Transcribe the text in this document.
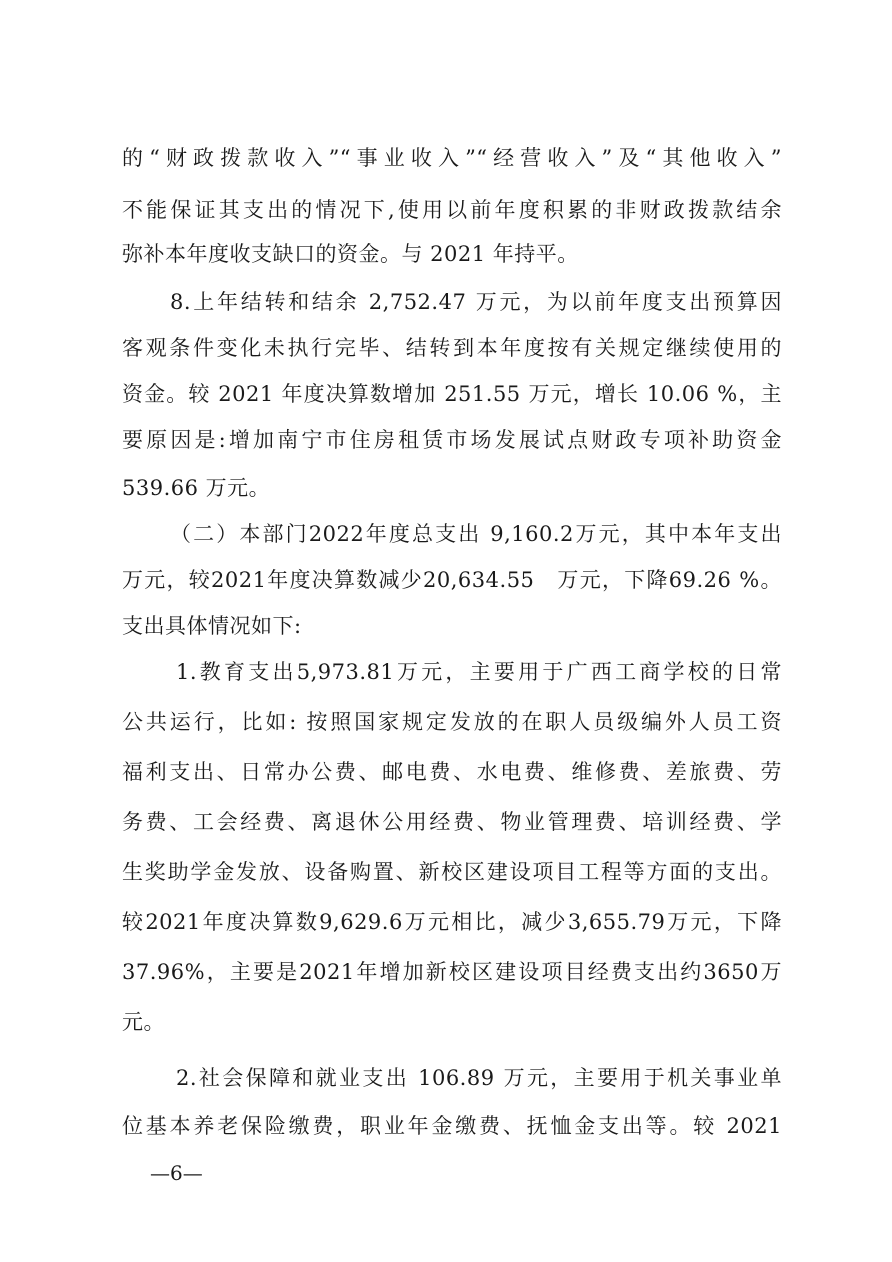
的“财政拨款收入”“事业收入”“经营收入”及“其他收入”
不能保证其支出的情况下,使用以前年度积累的非财政拨款结余
弥补本年度收支缺口的资金。与 2021 年持平。
8.上年结转和结余 2,752.47 万元，为以前年度支出预算因
客观条件变化未执行完毕、结转到本年度按有关规定继续使用的
资金。较 2021 年度决算数增加 251.55 万元，增长 10.06 %，主
要原因是:增加南宁市住房租赁市场发展试点财政专项补助资金
539.66 万元。
（二）本部门2022年度总支出 9,160.2万元，其中本年支出
万元，较2021年度决算数减少20,634.55　万元，下降69.26 %。
支出具体情况如下:
1.教育支出5,973.81万元，主要用于广西工商学校的日常
公共运行，比如: 按照国家规定发放的在职人员级编外人员工资
福利支出、日常办公费、邮电费、水电费、维修费、差旅费、劳
务费、工会经费、离退休公用经费、物业管理费、培训经费、学
生奖助学金发放、设备购置、新校区建设项目工程等方面的支出。
较2021年度决算数9,629.6万元相比，减少3,655.79万元，下降
37.96%，主要是2021年增加新校区建设项目经费支出约3650万
元。
2.社会保障和就业支出 106.89 万元，主要用于机关事业单
位基本养老保险缴费，职业年金缴费、抚恤金支出等。较 2021
—6—
